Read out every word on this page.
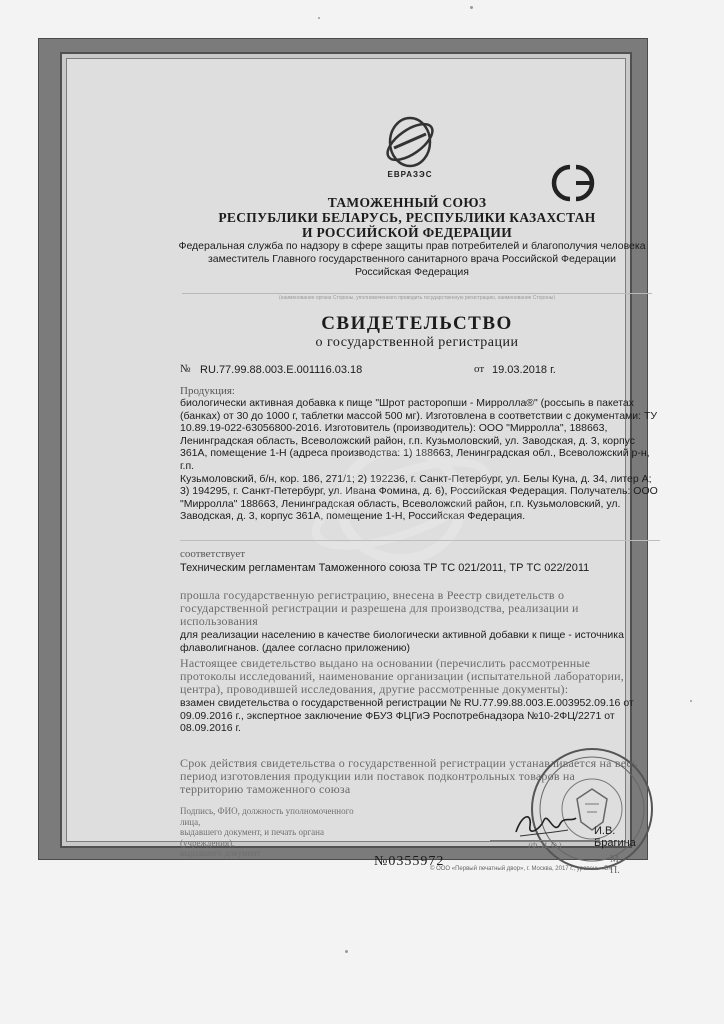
ЕВРАЗЭС
ТАМОЖЕННЫЙ СОЮЗ
РЕСПУБЛИКИ БЕЛАРУСЬ, РЕСПУБЛИКИ КАЗАХСТАН
И РОССИЙСКОЙ ФЕДЕРАЦИИ
Федеральная служба по надзору в сфере защиты прав потребителей и благополучия человека
заместитель Главного государственного санитарного врача Российской Федерации
Российская Федерация
(наименование органа Стороны, уполномоченного проводить государственную регистрацию, наименование Стороны)
СВИДЕТЕЛЬСТВО
о государственной регистрации
№ RU.77.99.88.003.Е.001116.03.18	от 19.03.2018 г.
Продукция:
биологически активная добавка к пище "Шрот расторопши - Мирролла®" (россыпь в пакетах
(банках) от 30 до 1000 г, таблетки массой 500 мг). Изготовлена в соответствии с документами: ТУ
10.89.19-022-63056800-2016. Изготовитель (производитель): ООО "Мирролла", 188663,
Ленинградская область, Всеволожский район, г.п. Кузьмоловский, ул. Заводская, д. 3, корпус
361А, помещение 1-Н (адреса производства: 1) 188663, Ленинградская обл., Всеволожский р-н, г.п.
Кузьмоловский, б/н, кор. 186, 271/1; 2) 192236, г. Санкт-Петербург, ул. Белы Куна, д. 34, литер А;
3) 194295, г. Санкт-Петербург, ул. Ивана Фомина, д. 6), Российская Федерация. Получатель: ООО
"Мирролла" 188663, Ленинградская область, Всеволожский район, г.п. Кузьмоловский, ул.
Заводская, д. 3, корпус 361А, помещение 1-Н, Российская Федерация.
соответствует
Техническим регламентам Таможенного союза ТР ТС 021/2011, ТР ТС 022/2011
прошла государственную регистрацию, внесена в Реестр свидетельств о
государственной регистрации и разрешена для производства, реализации и
использования
для реализации населению в качестве биологически активной добавки к пище - источника
флаволигнанов. (далее согласно приложению)
Настоящее свидетельство выдано на основании (перечислить рассмотренные
протоколы исследований, наименование организации (испытательной лаборатории,
центра), проводившей исследования, другие рассмотренные документы):
взамен свидетельства о государственной регистрации № RU.77.99.88.003.Е.003952.09.16 от
09.09.2016 г., экспертное заключение ФБУЗ ФЦГиЭ Роспотребнадзора №10-2ФЦ/2271 от
08.09.2016 г.
Срок действия свидетельства о государственной регистрации устанавливается на весь
период изготовления продукции или поставок подконтрольных товаров на
территорию таможенного союза
Подпись, ФИО, должность уполномоченного лица,
выдавшего документ, и печать органа (учреждения),
выдавшего документ
И.В. Брагина
(Ф. И. О.)
М. П.
№0355972
© ООО «Первый печатный двор», г. Москва, 2017 г., уровень «Б»
